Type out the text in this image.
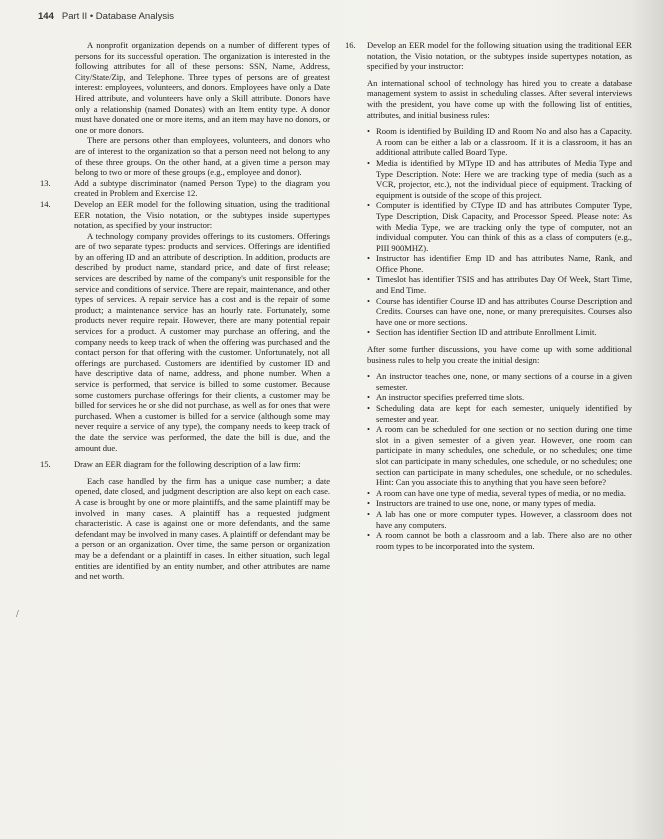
144 Part II • Database Analysis

A nonprofit organization depends on a number of different types of persons for its successful operation. The organization is interested in the following attributes for all of these persons: SSN, Name, Address, City/State/Zip, and Telephone. Three types of persons are of greatest interest: employees, volunteers, and donors. Employees have only a Date Hired attribute, and volunteers have only a Skill attribute. Donors have only a relationship (named Donates) with an Item entity type. A donor must have donated one or more items, and an item may have no donors, or one or more donors.

There are persons other than employees, volunteers, and donors who are of interest to the organization so that a person need not belong to any of these three groups. On the other hand, at a given time a person may belong to two or more of these groups (e.g., employee and donor).

13.	Add a subtype discriminator (named Person Type) to the diagram you created in Problem and Exercise 12.
14.	Develop an EER model for the following situation, using the traditional EER notation, the Visio notation, or the subtypes inside supertypes notation, as specified by your instructor:

A technology company provides offerings to its customers. Offerings are of two separate types: products and services. Offerings are identified by an offering ID and an attribute of description. In addition, products are described by product name, standard price, and date of first release; services are described by name of the company's unit responsible for the service and conditions of service. There are repair, maintenance, and other types of services. A repair service has a cost and is the repair of some product; a maintenance service has an hourly rate. Fortunately, some products never require repair. However, there are many potential repair services for a product. A customer may purchase an offering, and the company needs to keep track of when the offering was purchased and the contact person for that offering with the customer. Unfortunately, not all offerings are purchased. Customers are identified by customer ID and have descriptive data of name, address, and phone number. When a service is performed, that service is billed to some customer. Because some customers purchase offerings for their clients, a customer may be billed for services he or she did not purchase, as well as for ones that were purchased. When a customer is billed for a service (although some may never require a service of any type), the company needs to keep track of the date the service was performed, the date the bill is due, and the amount due.

15.	Draw an EER diagram for the following description of a law firm:

Each case handled by the firm has a unique case number; a date opened, date closed, and judgment description are also kept on each case. A case is brought by one or more plaintiffs, and the same plaintiff may be involved in many cases. A plaintiff has a requested judgment characteristic. A case is against one or more defendants, and the same defendant may be involved in many cases. A plaintiff or defendant may be a person or an organization. Over time, the same person or organization may be a defendant or a plaintiff in cases. In either situation, such legal entities are identified by an entity number, and other attributes are name and net worth.

16.	Develop an EER model for the following situation using the traditional EER notation, the Visio notation, or the subtypes inside supertypes notation, as specified by your instructor:

An international school of technology has hired you to create a database management system to assist in scheduling classes. After several interviews with the president, you have come up with the following list of entities, attributes, and initial business rules:

• Room is identified by Building ID and Room No and also has a Capacity. A room can be either a lab or a classroom. If it is a classroom, it has an additional attribute called Board Type.
• Media is identified by MType ID and has attributes of Media Type and Type Description. Note: Here we are tracking type of media (such as a VCR, projector, etc.), not the individual piece of equipment. Tracking of equipment is outside of the scope of this project.
• Computer is identified by CType ID and has attributes Computer Type, Type Description, Disk Capacity, and Processor Speed. Please note: As with Media Type, we are tracking only the type of computer, not an individual computer. You can think of this as a class of computers (e.g., PIII 900MHZ).
• Instructor has identifier Emp ID and has attributes Name, Rank, and Office Phone.
• Timeslot has identifier TSIS and has attributes Day Of Week, Start Time, and End Time.
• Course has identifier Course ID and has attributes Course Description and Credits. Courses can have one, none, or many prerequisites. Courses also have one or more sections.
• Section has identifier Section ID and attribute Enrollment Limit.

After some further discussions, you have come up with some additional business rules to help you create the initial design:

• An instructor teaches one, none, or many sections of a course in a given semester.
• An instructor specifies preferred time slots.
• Scheduling data are kept for each semester, uniquely identified by semester and year.
• A room can be scheduled for one section or no section during one time slot in a given semester of a given year. However, one room can participate in many schedules, one schedule, or no schedules; one time slot can participate in many schedules, one schedule, or no schedules; one section can participate in many schedules, one schedule, or no schedules. Hint: Can you associate this to anything that you have seen before?
• A room can have one type of media, several types of media, or no media.
• Instructors are trained to use one, none, or many types of media.
• A lab has one or more computer types. However, a classroom does not have any computers.
• A room cannot be both a classroom and a lab. There also are no other room types to be incorporated into the system.
/
